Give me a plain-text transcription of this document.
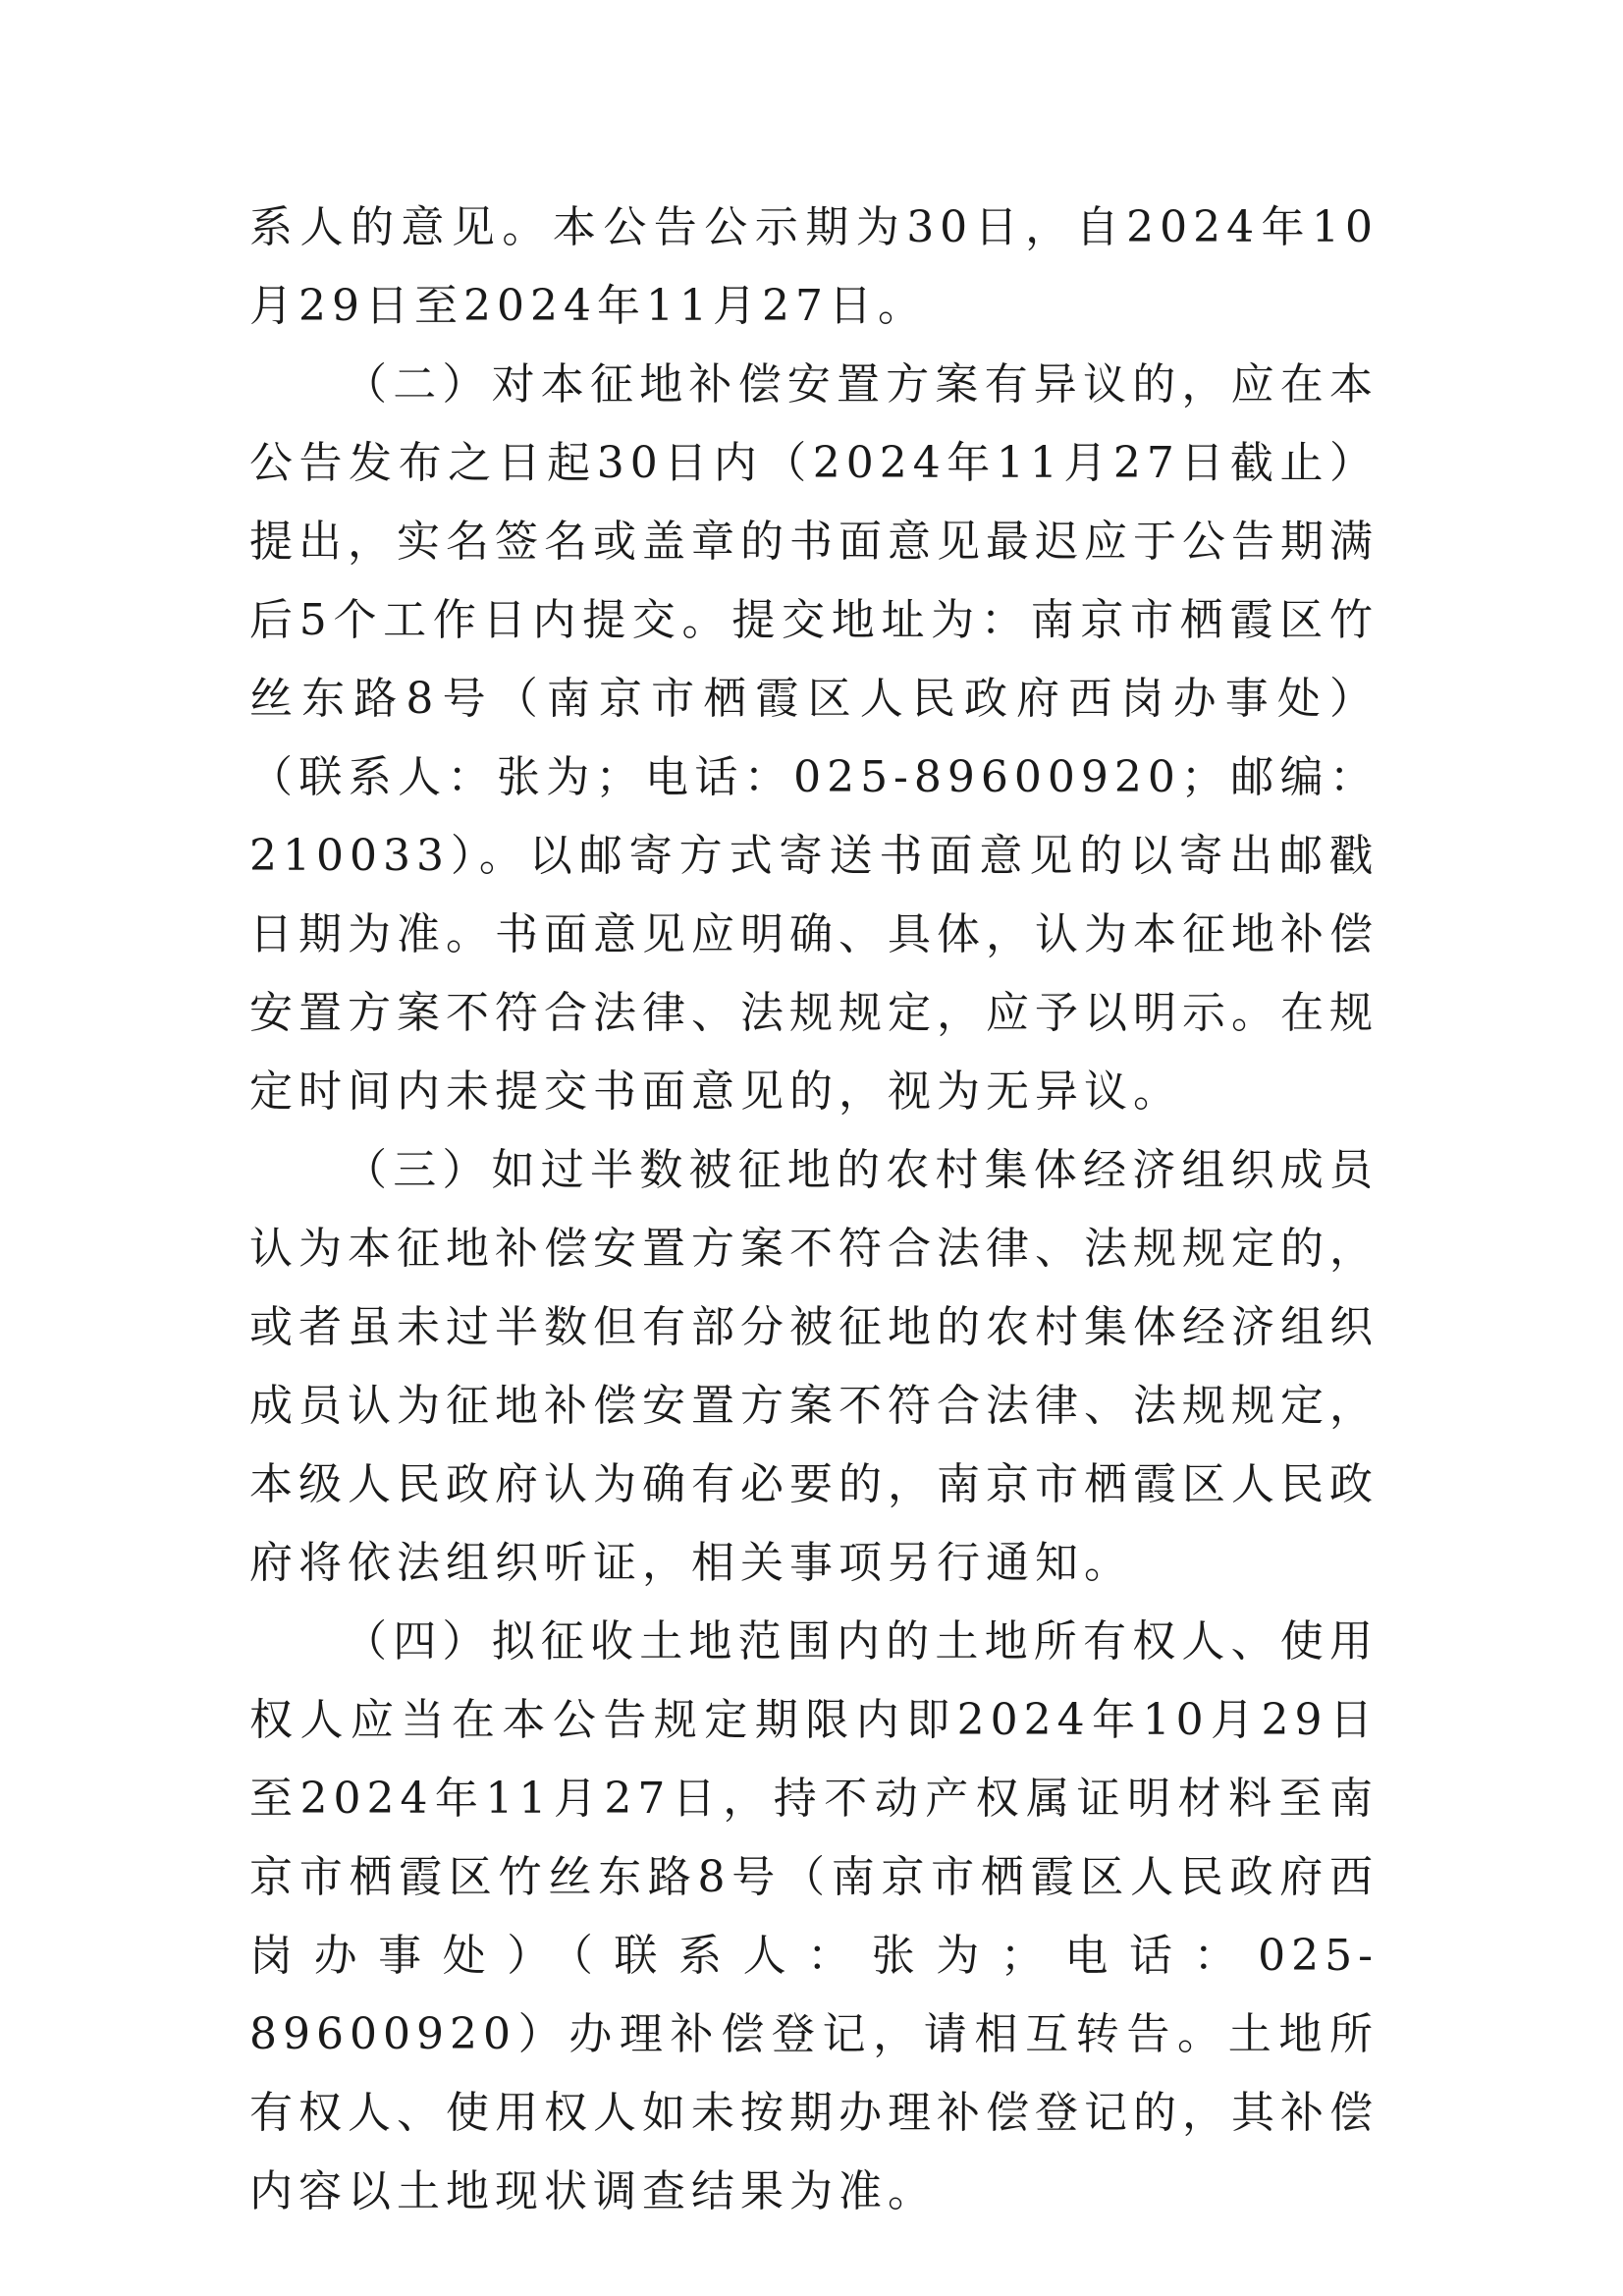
系人的意见。本公告公示期为30日，自2024年10月29日至2024年11月27日。

（二）对本征地补偿安置方案有异议的，应在本公告发布之日起30日内（2024年11月27日截止）提出，实名签名或盖章的书面意见最迟应于公告期满后5个工作日内提交。提交地址为：南京市栖霞区竹丝东路8号（南京市栖霞区人民政府西岗办事处）（联系人：张为；电话：025-89600920；邮编：210033）。以邮寄方式寄送书面意见的以寄出邮戳日期为准。书面意见应明确、具体，认为本征地补偿安置方案不符合法律、法规规定，应予以明示。在规定时间内未提交书面意见的，视为无异议。

（三）如过半数被征地的农村集体经济组织成员认为本征地补偿安置方案不符合法律、法规规定的，或者虽未过半数但有部分被征地的农村集体经济组织成员认为征地补偿安置方案不符合法律、法规规定，本级人民政府认为确有必要的，南京市栖霞区人民政府将依法组织听证，相关事项另行通知。

（四）拟征收土地范围内的土地所有权人、使用权人应当在本公告规定期限内即2024年10月29日至2024年11月27日，持不动产权属证明材料至南京市栖霞区竹丝东路8号（南京市栖霞区人民政府西岗办事处）（联系人：张为；电话：025-89600920）办理补偿登记，请相互转告。土地所有权人、使用权人如未按期办理补偿登记的，其补偿内容以土地现状调查结果为准。
